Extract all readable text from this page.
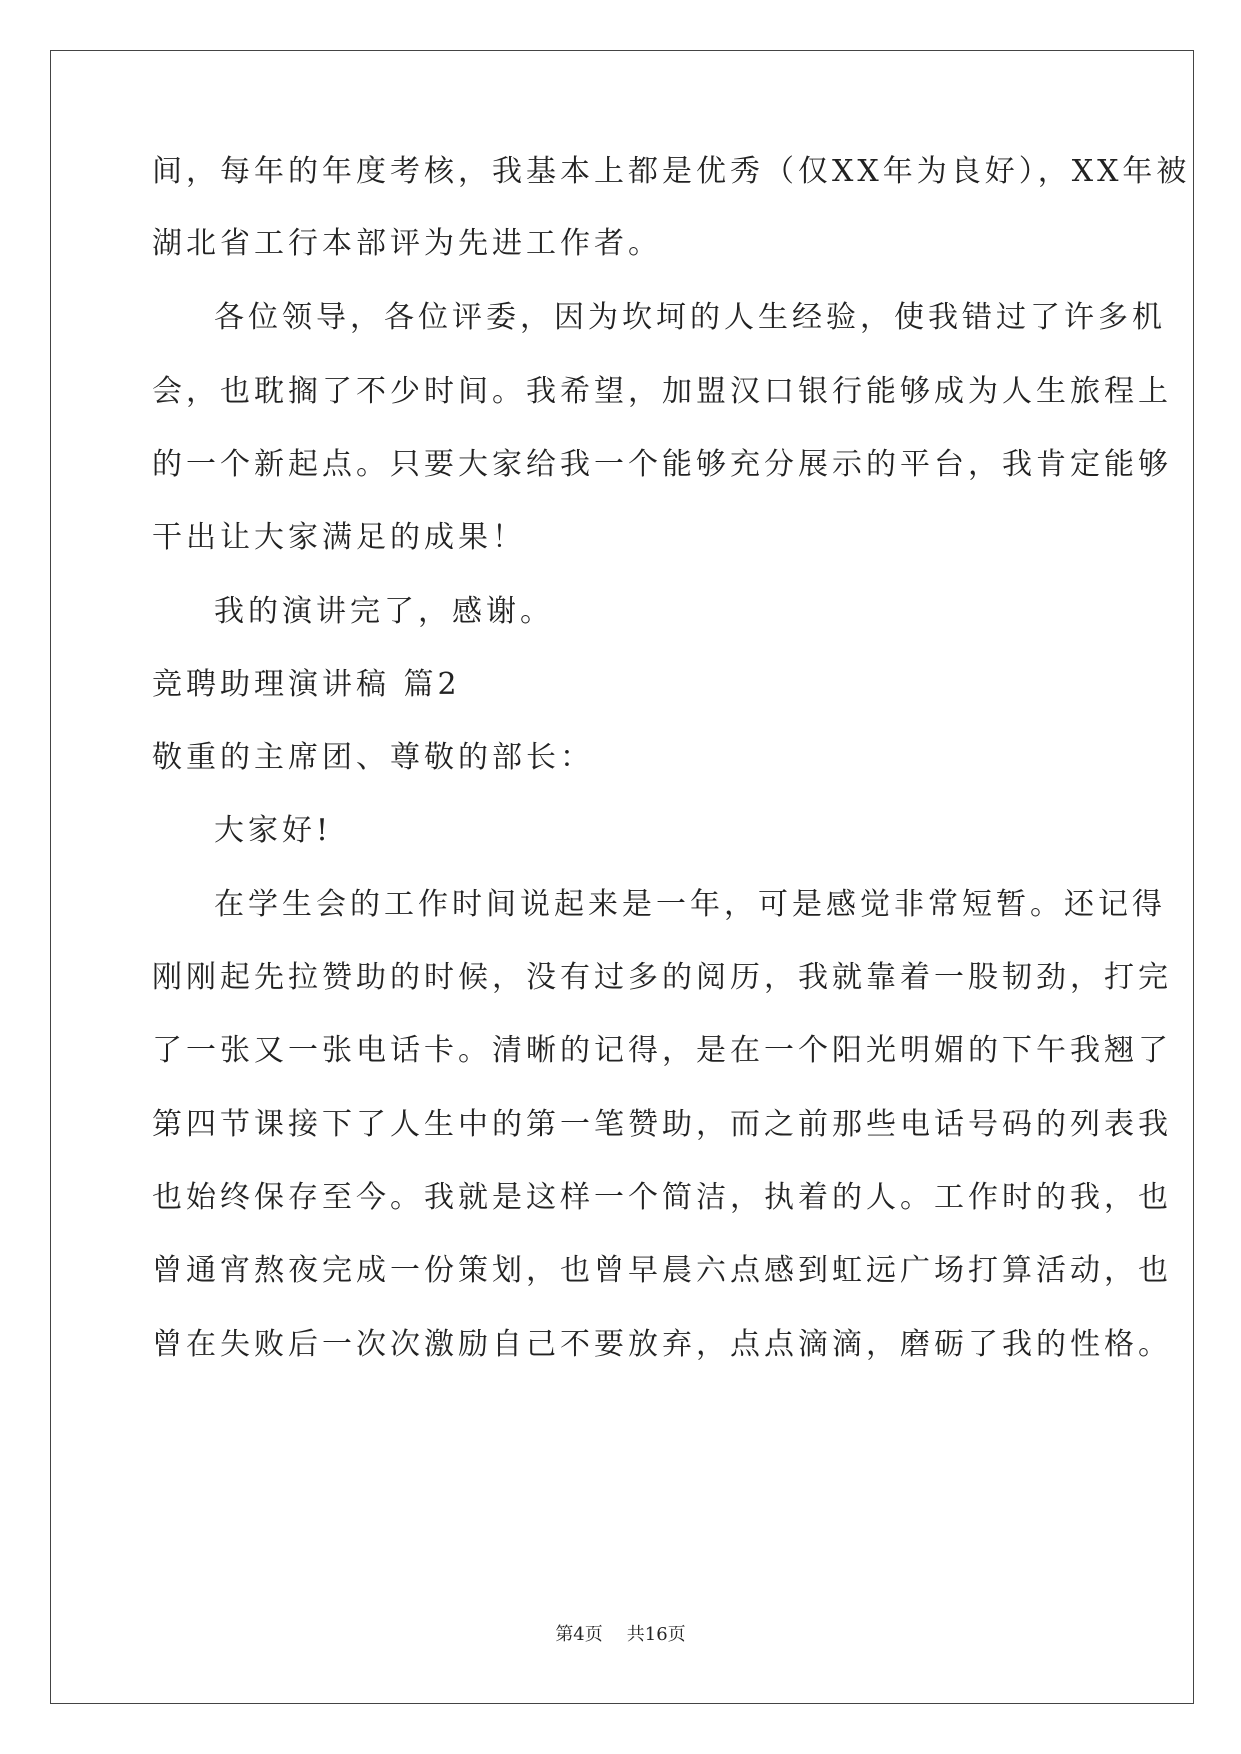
间，每年的年度考核，我基本上都是优秀（仅XX年为良好），XX年被
湖北省工行本部评为先进工作者。
各位领导，各位评委，因为坎坷的人生经验，使我错过了许多机
会，也耽搁了不少时间。我希望，加盟汉口银行能够成为人生旅程上
的一个新起点。只要大家给我一个能够充分展示的平台，我肯定能够
干出让大家满足的成果！
我的演讲完了，感谢。
竞聘助理演讲稿 篇2
敬重的主席团、尊敬的部长：
大家好!
在学生会的工作时间说起来是一年，可是感觉非常短暂。还记得
刚刚起先拉赞助的时候，没有过多的阅历，我就靠着一股韧劲，打完
了一张又一张电话卡。清晰的记得，是在一个阳光明媚的下午我翘了
第四节课接下了人生中的第一笔赞助，而之前那些电话号码的列表我
也始终保存至今。我就是这样一个简洁，执着的人。工作时的我，也
曾通宵熬夜完成一份策划，也曾早晨六点感到虹远广场打算活动，也
曾在失败后一次次激励自己不要放弃，点点滴滴，磨砺了我的性格。
第4页 共16页
